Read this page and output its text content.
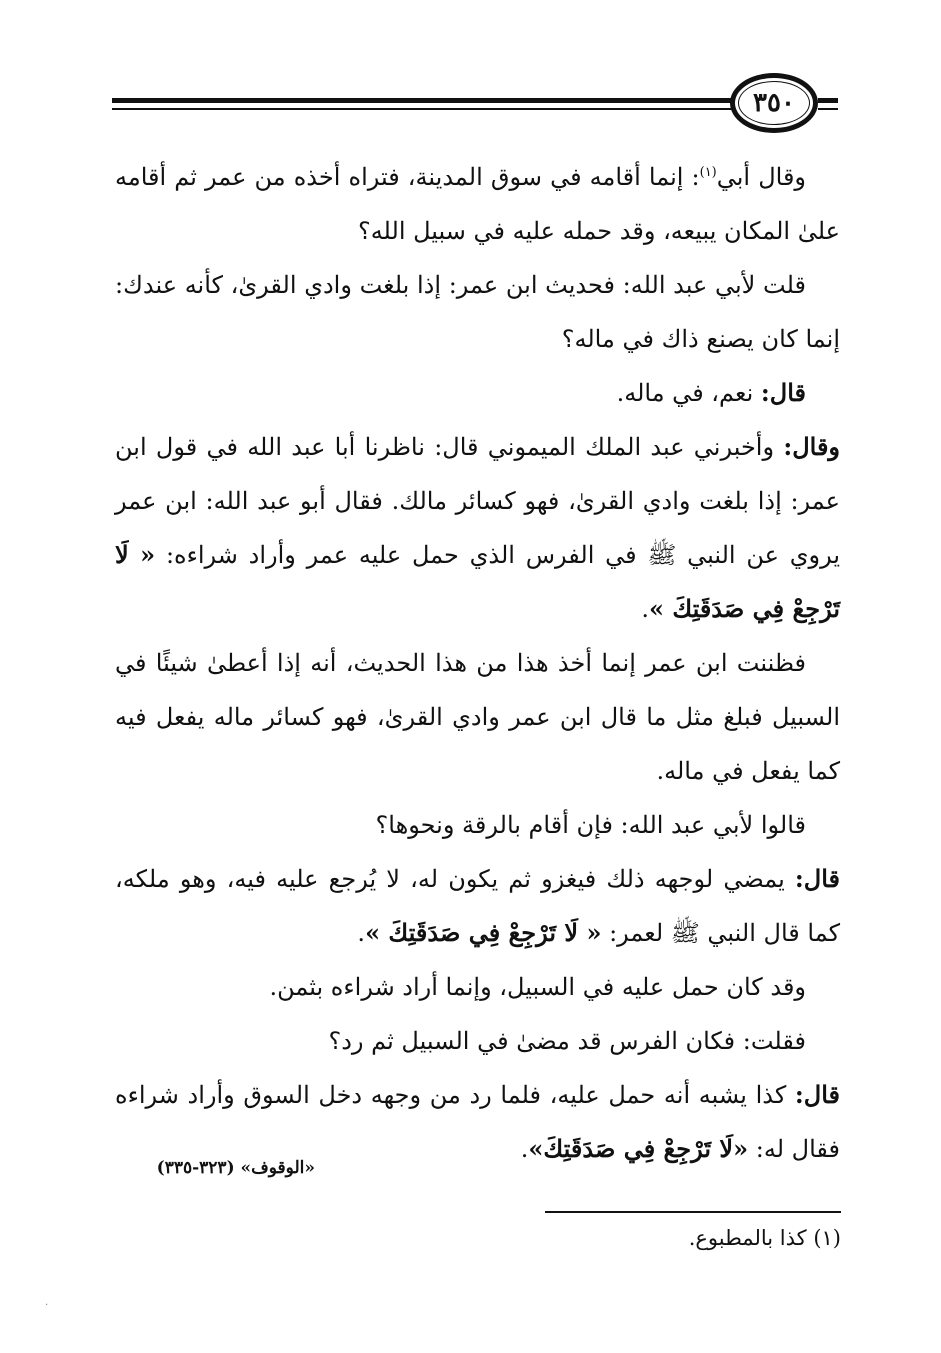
٣٥٠

وقال أبي$^{(١)}$: إنما أقامه في سوق المدينة، فتراه أخذه من عمر ثم أقامه علىٰ المكان يبيعه، وقد حمله عليه في سبيل الله؟

قلت لأبي عبد الله: فحديث ابن عمر: إذا بلغت وادي القرىٰ، كأنه عندك: إنما كان يصنع ذاك في ماله؟

قال: نعم، في ماله.

وقال: وأخبرني عبد الملك الميموني قال: ناظرنا أبا عبد الله في قول ابن عمر: إذا بلغت وادي القرىٰ، فهو كسائر مالك. فقال أبو عبد الله: ابن عمر يروي عن النبي ﷺ في الفرس الذي حمل عليه عمر وأراد شراءه: « لَا تَرْجِعْ فِي صَدَقَتِكَ ».

فظننت ابن عمر إنما أخذ هذا من هذا الحديث، أنه إذا أعطىٰ شيئًا في السبيل فبلغ مثل ما قال ابن عمر وادي القرىٰ، فهو كسائر ماله يفعل فيه كما يفعل في ماله.

قالوا لأبي عبد الله: فإن أقام بالرقة ونحوها؟

قال: يمضي لوجهه ذلك فيغزو ثم يكون له، لا يُرجع عليه فيه، وهو ملكه، كما قال النبي ﷺ لعمر: « لَا تَرْجِعْ فِي صَدَقَتِكَ ».

وقد كان حمل عليه في السبيل، وإنما أراد شراءه بثمن.

فقلت: فكان الفرس قد مضىٰ في السبيل ثم رد؟

قال: كذا يشبه أنه حمل عليه، فلما رد من وجهه دخل السوق وأراد شراءه فقال له: «لَا تَرْجِعْ فِي صَدَقَتِكَ».

«الوقوف» (٣٢٣-٣٣٥)
(١) كذا بالمطبوع.
·
